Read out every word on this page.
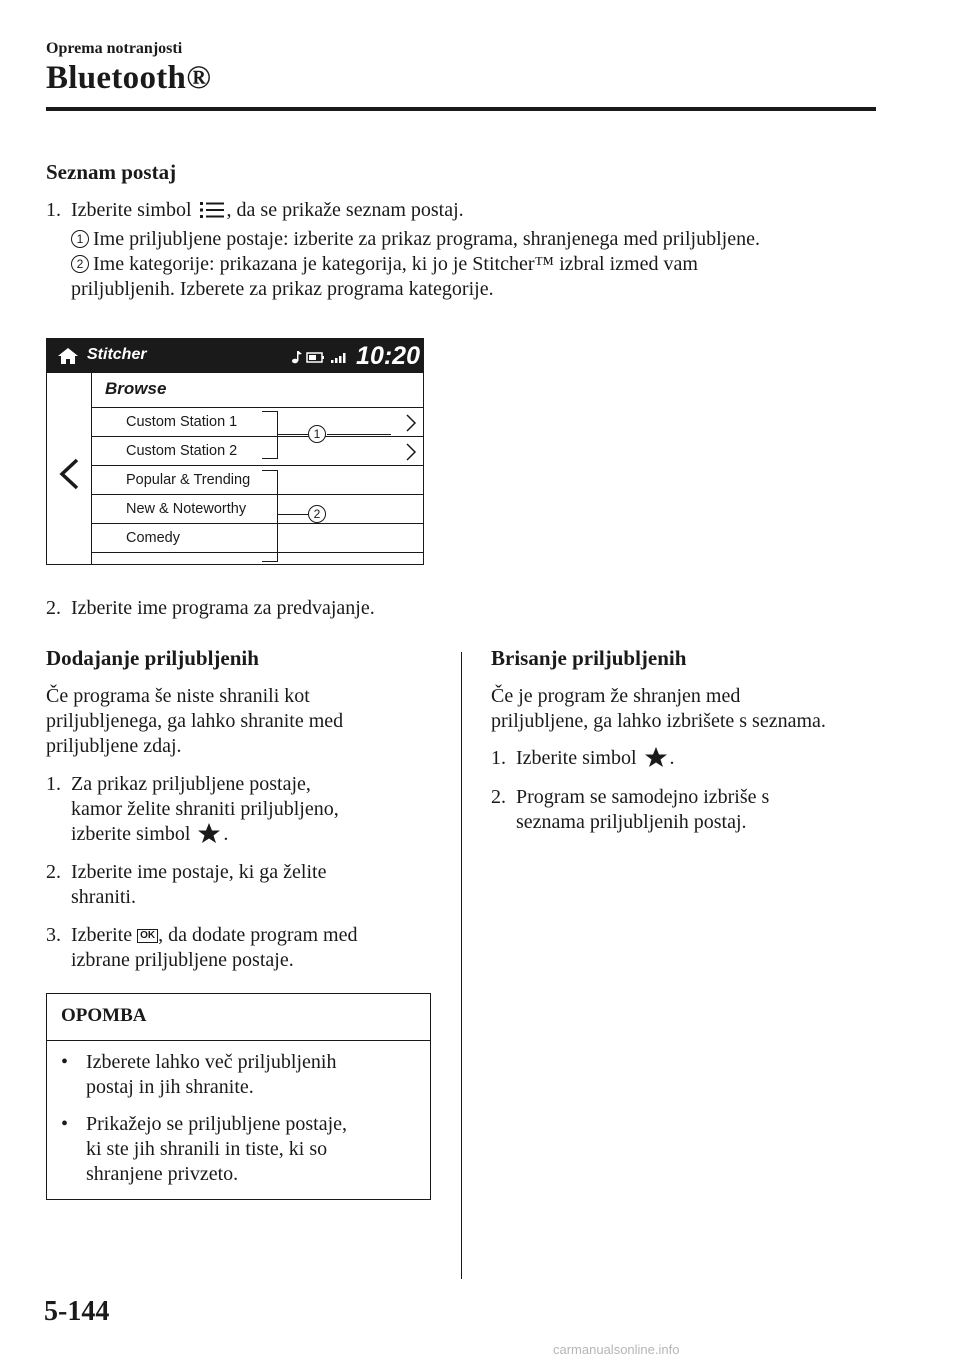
Oprema notranjosti
Bluetooth®
Seznam postaj
1. Izberite simbol , da se prikaže seznam postaj.
1 Ime priljubljene postaje: izberite za prikaz programa, shranjenega med priljubljene.
2 Ime kategorije: prikazana je kategorija, ki jo je Stitcher™ izbral izmed vam
priljubljenih. Izberete za prikaz programa kategorije.
Stitcher	10:20
Browse
Custom Station 1
Custom Station 2
Popular & Trending
New & Noteworthy
Comedy
1
2
2. Izberite ime programa za predvajanje.
Dodajanje priljubljenih
Če programa še niste shranili kot
priljubljenega, ga lahko shranite med
priljubljene zdaj.
1. Za prikaz priljubljene postaje,
kamor želite shraniti priljubljeno,
izberite simbol .
2. Izberite ime postaje, ki ga želite
shraniti.
3. Izberite OK , da dodate program med
izbrane priljubljene postaje.
OPOMBA
• Izberete lahko več priljubljenih
postaj in jih shranite.
• Prikažejo se priljubljene postaje,
ki ste jih shranili in tiste, ki so
shranjene privzeto.
Brisanje priljubljenih
Če je program že shranjen med
priljubljene, ga lahko izbrišete s seznama.
1. Izberite simbol .
2. Program se samodejno izbriše s
seznama priljubljenih postaj.
5-144
carmanualsonline.info
